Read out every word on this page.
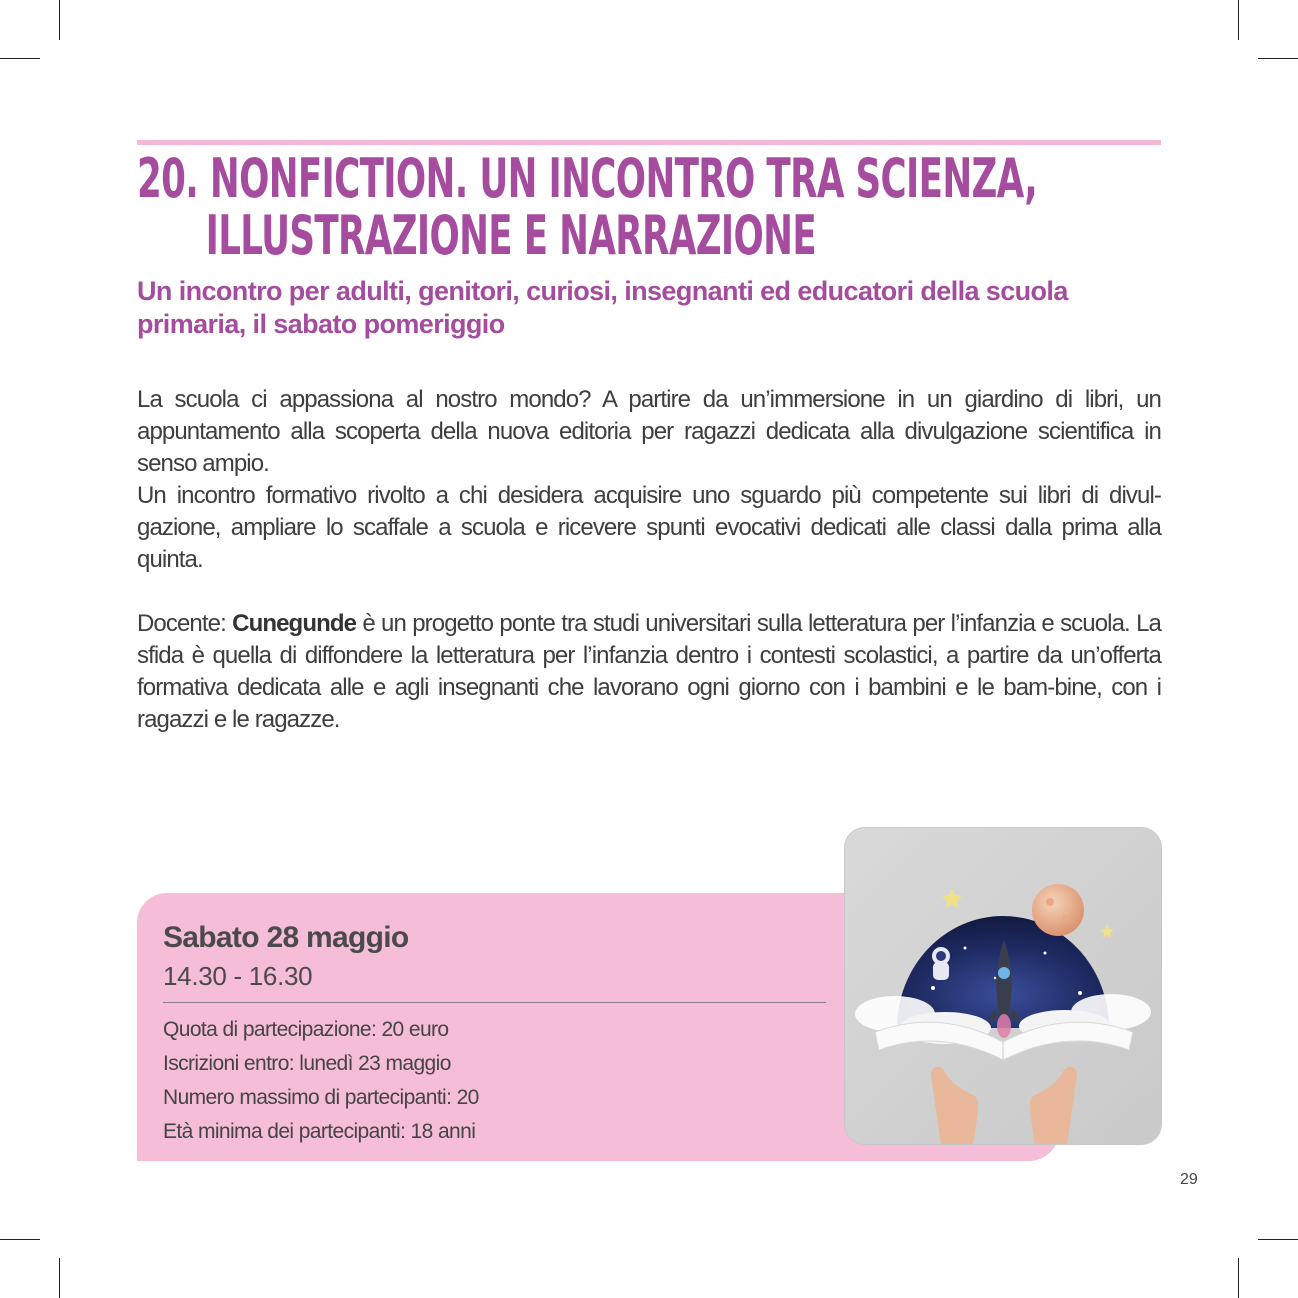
20. NONFICTION. UN INCONTRO TRA SCIENZA,
ILLUSTRAZIONE E NARRAZIONE

Un incontro per adulti, genitori, curiosi, insegnanti ed educatori della scuola primaria, il sabato pomeriggio

La scuola ci appassiona al nostro mondo? A partire da un’immersione in un giardino di libri, un appuntamento alla scoperta della nuova editoria per ragazzi dedicata alla divulgazione scientifica in senso ampio.

Un incontro formativo rivolto a chi desidera acquisire uno sguardo più competente sui libri di divul-gazione, ampliare lo scaffale a scuola e ricevere spunti evocativi dedicati alle classi dalla prima alla quinta.

Docente: Cunegunde è un progetto ponte tra studi universitari sulla letteratura per l’infanzia e scuola. La sfida è quella di diffondere la letteratura per l’infanzia dentro i contesti scolastici, a partire da un’offerta formativa dedicata alle e agli insegnanti che lavorano ogni giorno con i bambini e le bam-bine, con i ragazzi e le ragazze.

Sabato 28 maggio
14.30 - 16.30
Quota di partecipazione: 20 euro
Iscrizioni entro: lunedì 23 maggio
Numero massimo di partecipanti: 20
Età minima dei partecipanti: 18 anni
29
